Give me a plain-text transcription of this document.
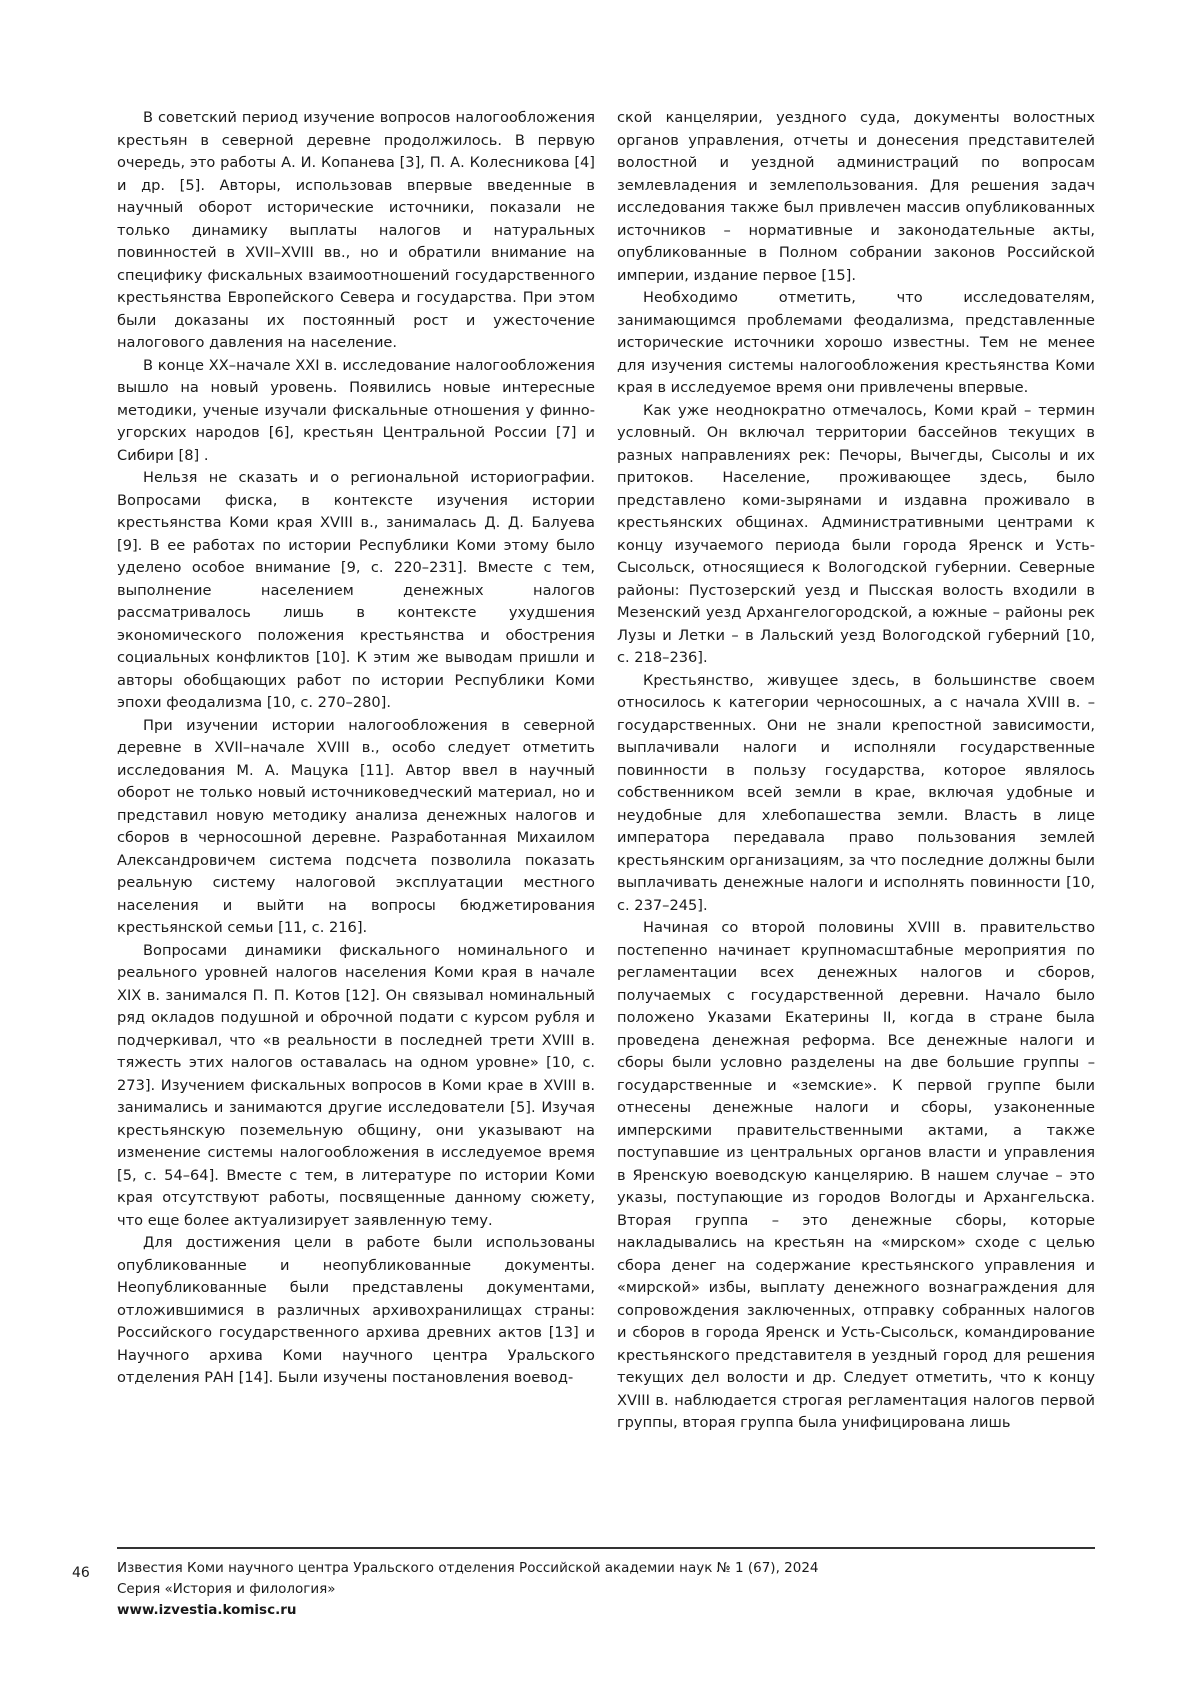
В советский период изучение вопросов налогообложения крестьян в северной деревне продолжилось. В первую очередь, это работы А. И. Копанева [3], П. А. Колесникова [4] и др. [5]. Авторы, использовав впервые введенные в научный оборот исторические источники, показали не только динамику выплаты налогов и натуральных повинностей в XVII–XVIII вв., но и обратили внимание на специфику фискальных взаимоотношений государственного крестьянства Европейского Севера и государства. При этом были доказаны их постоянный рост и ужесточение налогового давления на население.

В конце XX–начале XXI в. исследование налогообложения вышло на новый уровень. Появились новые интересные методики, ученые изучали фискальные отношения у финно-угорских народов [6], крестьян Центральной России [7] и Сибири [8] .

Нельзя не сказать и о региональной историографии. Вопросами фиска, в контексте изучения истории крестьянства Коми края XVIII в., занималась Д. Д. Балуева [9]. В ее работах по истории Республики Коми этому было уделено особое внимание [9, с. 220–231]. Вместе с тем, выполнение населением денежных налогов рассматривалось лишь в контексте ухудшения экономического положения крестьянства и обострения социальных конфликтов [10]. К этим же выводам пришли и авторы обобщающих работ по истории Республики Коми эпохи феодализма [10, с. 270–280].

При изучении истории налогообложения в северной деревне в XVII–начале XVIII в., особо следует отметить исследования М. А. Мацука [11]. Автор ввел в научный оборот не только новый источниковедческий материал, но и представил новую методику анализа денежных налогов и сборов в черносошной деревне. Разработанная Михаилом Александровичем система подсчета позволила показать реальную систему налоговой эксплуатации местного населения и выйти на вопросы бюджетирования крестьянской семьи [11, с. 216].

Вопросами динамики фискального номинального и реального уровней налогов населения Коми края в начале XIX в. занимался П. П. Котов [12]. Он связывал номинальный ряд окладов подушной и оброчной подати с курсом рубля и подчеркивал, что «в реальности в последней трети XVIII в. тяжесть этих налогов оставалась на одном уровне» [10, с. 273]. Изучением фискальных вопросов в Коми крае в XVIII в. занимались и занимаются другие исследователи [5]. Изучая крестьянскую поземельную общину, они указывают на изменение системы налогообложения в исследуемое время [5, с. 54–64]. Вместе с тем, в литературе по истории Коми края отсутствуют работы, посвященные данному сюжету, что еще более актуализирует заявленную тему.

Для достижения цели в работе были использованы опубликованные и неопубликованные документы. Неопубликованные были представлены документами, отложившимися в различных архивохранилищах страны: Российского государственного архива древних актов [13] и Научного архива Коми научного центра Уральского отделения РАН [14]. Были изучены постановления воевод-

ской канцелярии, уездного суда, документы волостных органов управления, отчеты и донесения представителей волостной и уездной администраций по вопросам землевладения и землепользования. Для решения задач исследования также был привлечен массив опубликованных источников – нормативные и законодательные акты, опубликованные в Полном собрании законов Российской империи, издание первое [15].

Необходимо отметить, что исследователям, занимающимся проблемами феодализма, представленные исторические источники хорошо известны. Тем не менее для изучения системы налогообложения крестьянства Коми края в исследуемое время они привлечены впервые.

Как уже неоднократно отмечалось, Коми край – термин условный. Он включал территории бассейнов текущих в разных направлениях рек: Печоры, Вычегды, Сысолы и их притоков. Население, проживающее здесь, было представлено коми-зырянами и издавна проживало в крестьянских общинах. Административными центрами к концу изучаемого периода были города Яренск и Усть-Сысольск, относящиеся к Вологодской губернии. Северные районы: Пустозерский уезд и Пысская волость входили в Мезенский уезд Архангелогородской, а южные – районы рек Лузы и Летки – в Лальский уезд Вологодской губерний [10, с. 218–236].

Крестьянство, живущее здесь, в большинстве своем относилось к категории черносошных, а с начала XVIII в. – государственных. Они не знали крепостной зависимости, выплачивали налоги и исполняли государственные повинности в пользу государства, которое являлось собственником всей земли в крае, включая удобные и неудобные для хлебопашества земли. Власть в лице императора передавала право пользования землей крестьянским организациям, за что последние должны были выплачивать денежные налоги и исполнять повинности [10, с. 237–245].

Начиная со второй половины XVIII в. правительство постепенно начинает крупномасштабные мероприятия по регламентации всех денежных налогов и сборов, получаемых с государственной деревни. Начало было положено Указами Екатерины II, когда в стране была проведена денежная реформа. Все денежные налоги и сборы были условно разделены на две большие группы – государственные и «земские». К первой группе были отнесены денежные налоги и сборы, узаконенные имперскими правительственными актами, а также поступавшие из центральных органов власти и управления в Яренскую воеводскую канцелярию. В нашем случае – это указы, поступающие из городов Вологды и Архангельска. Вторая группа – это денежные сборы, которые накладывались на крестьян на «мирском» сходе с целью сбора денег на содержание крестьянского управления и «мирской» избы, выплату денежного вознаграждения для сопровождения заключенных, отправку собранных налогов и сборов в города Яренск и Усть-Сысольск, командирование крестьянского представителя в уездный город для решения текущих дел волости и др. Следует отметить, что к концу XVIII в. наблюдается строгая регламентация налогов первой группы, вторая группа была унифицирована лишь

46 Известия Коми научного центра Уральского отделения Российской академии наук № 1 (67), 2024
Серия «История и филология»
www.izvestia.komisc.ru
